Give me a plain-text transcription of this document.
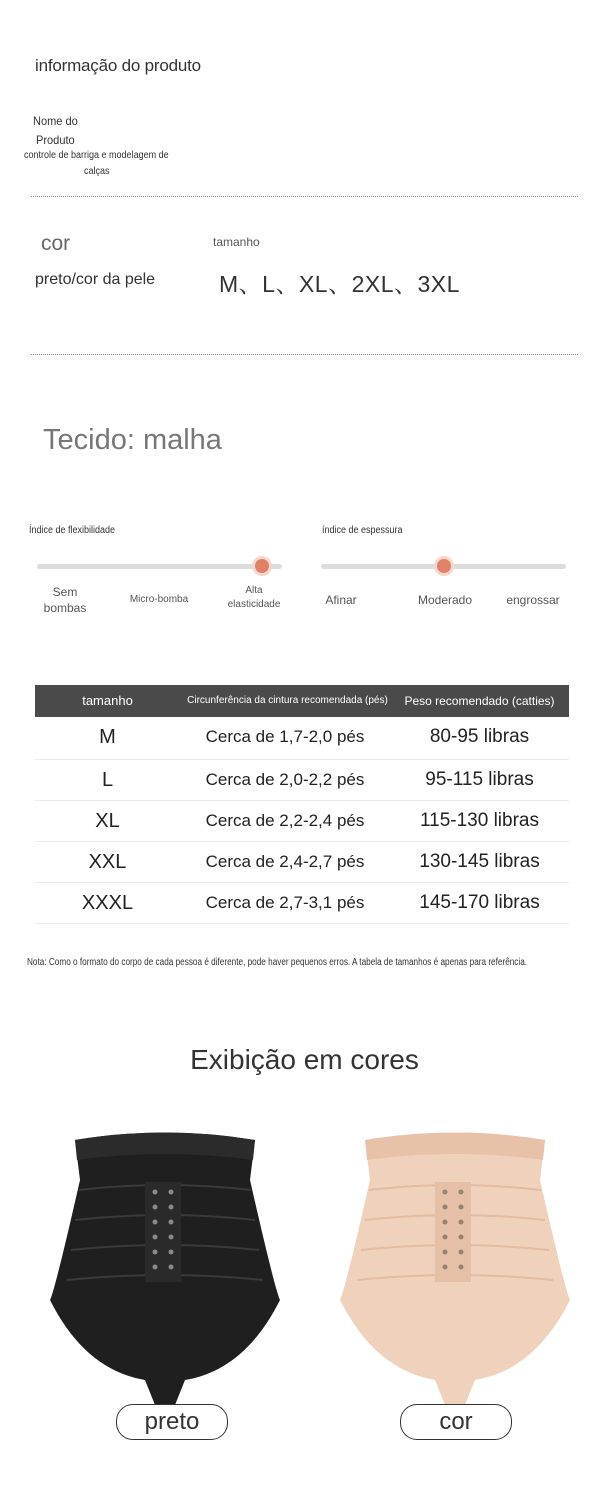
informação do produto
Nome do
Produto
controle de barriga e modelagem de
calças
cor
preto/cor da pele
tamanho
M、L、XL、2XL、3XL
Tecido: malha
Índice de flexibilidade
Sem bombas
Micro-bomba
Alta elasticidade
índice de espessura
Afinar	Moderado	engrossar
tamanho	Circunferência da cintura recomendada (pés)	Peso recomendado (catties)
M	Cerca de 1,7-2,0 pés	80-95 libras
L	Cerca de 2,0-2,2 pés	95-115 libras
XL	Cerca de 2,2-2,4 pés	115-130 libras
XXL	Cerca de 2,4-2,7 pés	130-145 libras
XXXL	Cerca de 2,7-3,1 pés	145-170 libras
Nota: Como o formato do corpo de cada pessoa é diferente, pode haver pequenos erros. A tabela de tamanhos é apenas para referência.
Exibição em cores
preto	cor
